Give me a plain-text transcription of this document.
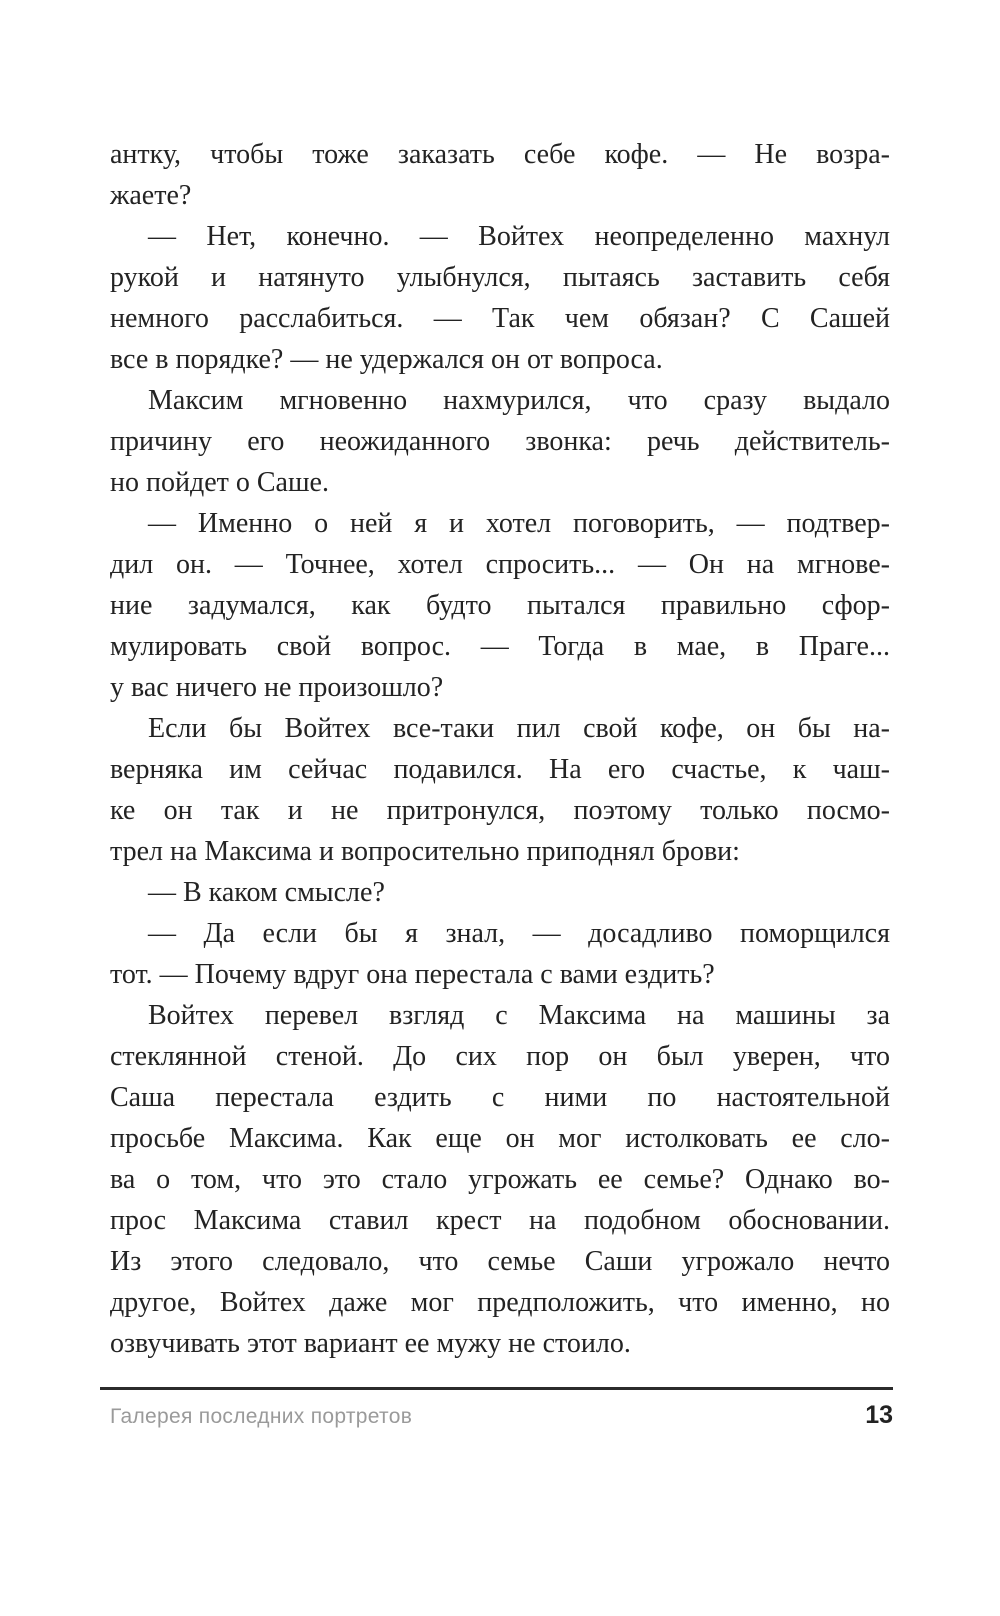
антку, чтобы тоже заказать себе кофе. — Не возра-
жаете?
— Нет, конечно. — Войтех неопределенно махнул
рукой и натянуто улыбнулся, пытаясь заставить себя
немного расслабиться. — Так чем обязан? С Сашей
все в порядке? — не удержался он от вопроса.
Максим мгновенно нахмурился, что сразу выдало
причину его неожиданного звонка: речь действитель-
но пойдет о Саше.
— Именно о ней я и хотел поговорить, — подтвер-
дил он. — Точнее, хотел спросить... — Он на мгнове-
ние задумался, как будто пытался правильно сфор-
мулировать свой вопрос. — Тогда в мае, в Праге...
у вас ничего не произошло?
Если бы Войтех все-таки пил свой кофе, он бы на-
верняка им сейчас подавился. На его счастье, к чаш-
ке он так и не притронулся, поэтому только посмо-
трел на Максима и вопросительно приподнял брови:
— В каком смысле?
— Да если бы я знал, — досадливо поморщился
тот. — Почему вдруг она перестала с вами ездить?
Войтех перевел взгляд с Максима на машины за
стеклянной стеной. До сих пор он был уверен, что
Саша перестала ездить с ними по настоятельной
просьбе Максима. Как еще он мог истолковать ее сло-
ва о том, что это стало угрожать ее семье? Однако во-
прос Максима ставил крест на подобном обосновании.
Из этого следовало, что семье Саши угрожало нечто
другое, Войтех даже мог предположить, что именно, но
озвучивать этот вариант ее мужу не стоило.
Галерея последних портретов	13
